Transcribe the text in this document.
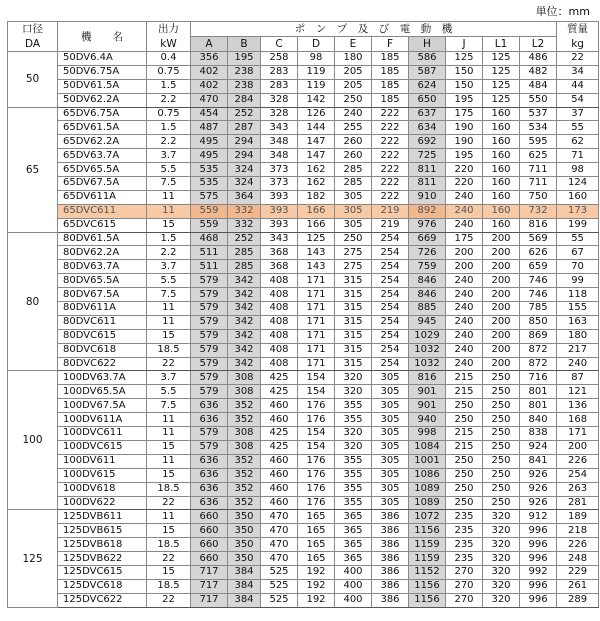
単位：mm
口径	機　　名	出力	ポ　ン　プ　及　び　電　動　機										質量
DA		kW	A	B	C	D	E	F	H	J	L1	L2	kg
50	50DV6.4A	0.4	356	195	258	98	180	185	586	125	125	486	22
	50DV6.75A	0.75	402	238	283	119	205	185	587	150	125	482	34
	50DV61.5A	1.5	402	238	283	119	205	185	624	150	125	484	44
	50DV62.2A	2.2	470	284	328	142	250	185	650	195	125	550	54
65	65DV6.75A	0.75	454	252	328	126	240	222	637	175	160	537	37
	65DV61.5A	1.5	487	287	343	144	255	222	634	190	160	534	55
	65DV62.2A	2.2	495	294	348	147	260	222	692	190	160	595	62
	65DV63.7A	3.7	495	294	348	147	260	222	725	195	160	625	71
	65DV65.5A	5.5	535	324	373	162	285	222	811	220	160	711	98
	65DV67.5A	7.5	535	324	373	162	285	222	811	220	160	711	124
	65DV611A	11	575	364	393	182	305	222	910	240	160	750	160
	65DVC611	11	559	332	393	166	305	219	892	240	160	732	173
	65DVC615	15	559	332	393	166	305	219	976	240	160	816	199
80	80DV61.5A	1.5	468	252	343	125	250	254	669	175	200	569	55
	80DV62.2A	2.2	511	285	368	143	275	254	726	200	200	626	67
	80DV63.7A	3.7	511	285	368	143	275	254	759	200	200	659	70
	80DV65.5A	5.5	579	342	408	171	315	254	846	240	200	746	99
	80DV67.5A	7.5	579	342	408	171	315	254	846	240	200	746	118
	80DV611A	11	579	342	408	171	315	254	885	240	200	785	155
	80DVC611	11	579	342	408	171	315	254	945	240	200	850	163
	80DVC615	15	579	342	408	171	315	254	1029	240	200	869	180
	80DVC618	18.5	579	342	408	171	315	254	1032	240	200	872	217
	80DVC622	22	579	342	408	171	315	254	1032	240	200	872	240
100	100DV63.7A	3.7	579	308	425	154	320	305	816	215	250	716	87
	100DV65.5A	5.5	579	308	425	154	320	305	901	215	250	801	121
	100DV67.5A	7.5	636	352	460	176	355	305	901	250	250	801	136
	100DV611A	11	636	352	460	176	355	305	940	250	250	840	168
	100DVC611	11	579	308	425	154	320	305	998	215	250	838	171
	100DVC615	15	579	308	425	154	320	305	1084	215	250	924	200
	100DV611	11	636	352	460	176	355	305	1001	250	250	841	226
	100DV615	15	636	352	460	176	355	305	1086	250	250	926	254
	100DV618	18.5	636	352	460	176	355	305	1089	250	250	926	263
	100DV622	22	636	352	460	176	355	305	1089	250	250	926	281
125	125DVB611	11	660	350	470	165	365	386	1072	235	320	912	189
	125DVB615	15	660	350	470	165	365	386	1156	235	320	996	218
	125DVB618	18.5	660	350	470	165	365	386	1159	235	320	996	226
	125DVB622	22	660	350	470	165	365	386	1159	235	320	996	248
	125DVC615	15	717	384	525	192	400	386	1152	270	320	992	229
	125DVC618	18.5	717	384	525	192	400	386	1156	270	320	996	261
	125DVC622	22	717	384	525	192	400	386	1156	270	320	996	289
